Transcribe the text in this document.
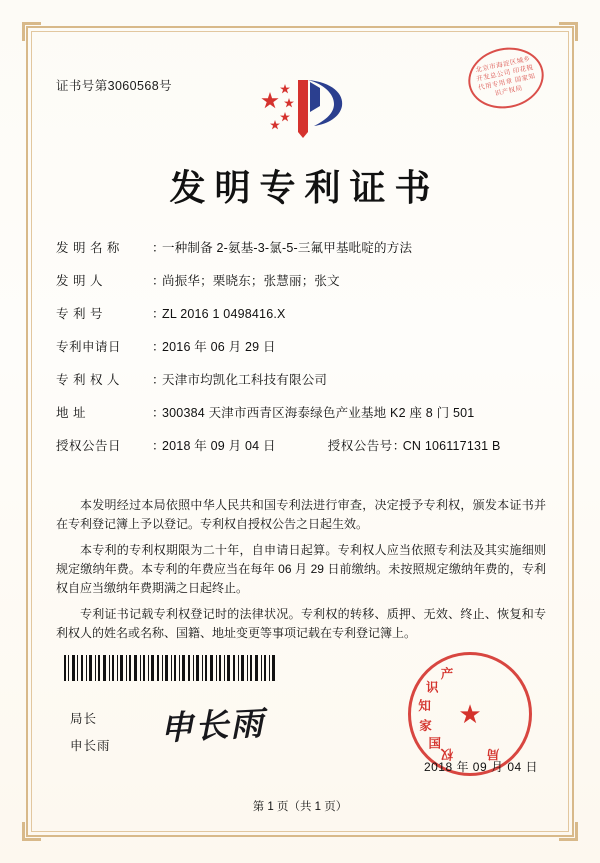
证书号第3060568号
北京市海淀区城乡开发总公司 印花税 代用专用章 国家知识产权局
发明专利证书
发 明 名 称	：
一种制备 2-氨基-3-氯-5-三氟甲基吡啶的方法
发 明 人	：
尚振华；栗晓东；张慧丽；张文
专 利 号	：
ZL 2016 1 0498416.X
专利申请日	：
2016 年 06 月 29 日
专 利 权 人	：
天津市均凯化工科技有限公司
地 址	：
300384 天津市西青区海泰绿色产业基地 K2 座 8 门 501
授权公告日	：
2018 年 09 月 04 日	授权公告号 ：
CN 106117131 B

本发明经过本局依照中华人民共和国专利法进行审查，决定授予专利权，颁发本证书并在专利登记簿上予以登记。专利权自授权公告之日起生效。

本专利的专利权期限为二十年，自申请日起算。专利权人应当依照专利法及其实施细则规定缴纳年费。本专利的年费应当在每年 06 月 29 日前缴纳。未按照规定缴纳年费的，专利权自应当缴纳年费期满之日起终止。

专利证书记载专利权登记时的法律状况。专利权的转移、质押、无效、终止、恢复和专利权人的姓名或名称、国籍、地址变更等事项记载在专利登记簿上。

局长
申长雨 申长雨	★
国
家
知
识
产
权	局
2018 年 09 月 04 日
第 1 页（共 1 页）
